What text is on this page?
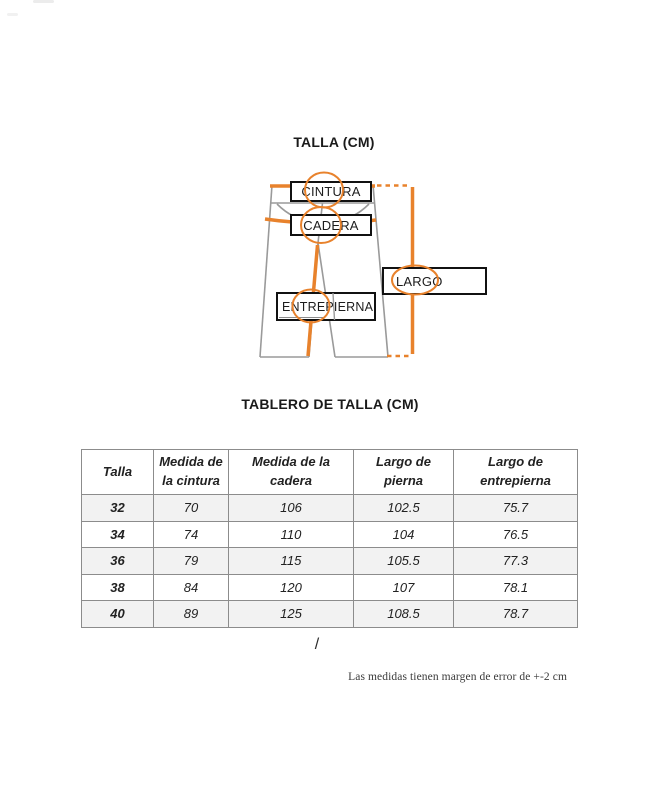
TALLA (CM)
CINTURA
CADERA
LARGO
ENTREPIERNA
TABLERO DE TALLA (CM)
Talla	Medida de la cintura	Medida de la cadera	Largo de pierna	Largo de entrepierna
32	70	106	102.5	75.7
34	74	110	104	76.5
36	79	115	105.5	77.3
38	84	120	107	78.1
40	89	125	108.5	78.7
/
Las medidas tienen margen de error de +-2 cm
